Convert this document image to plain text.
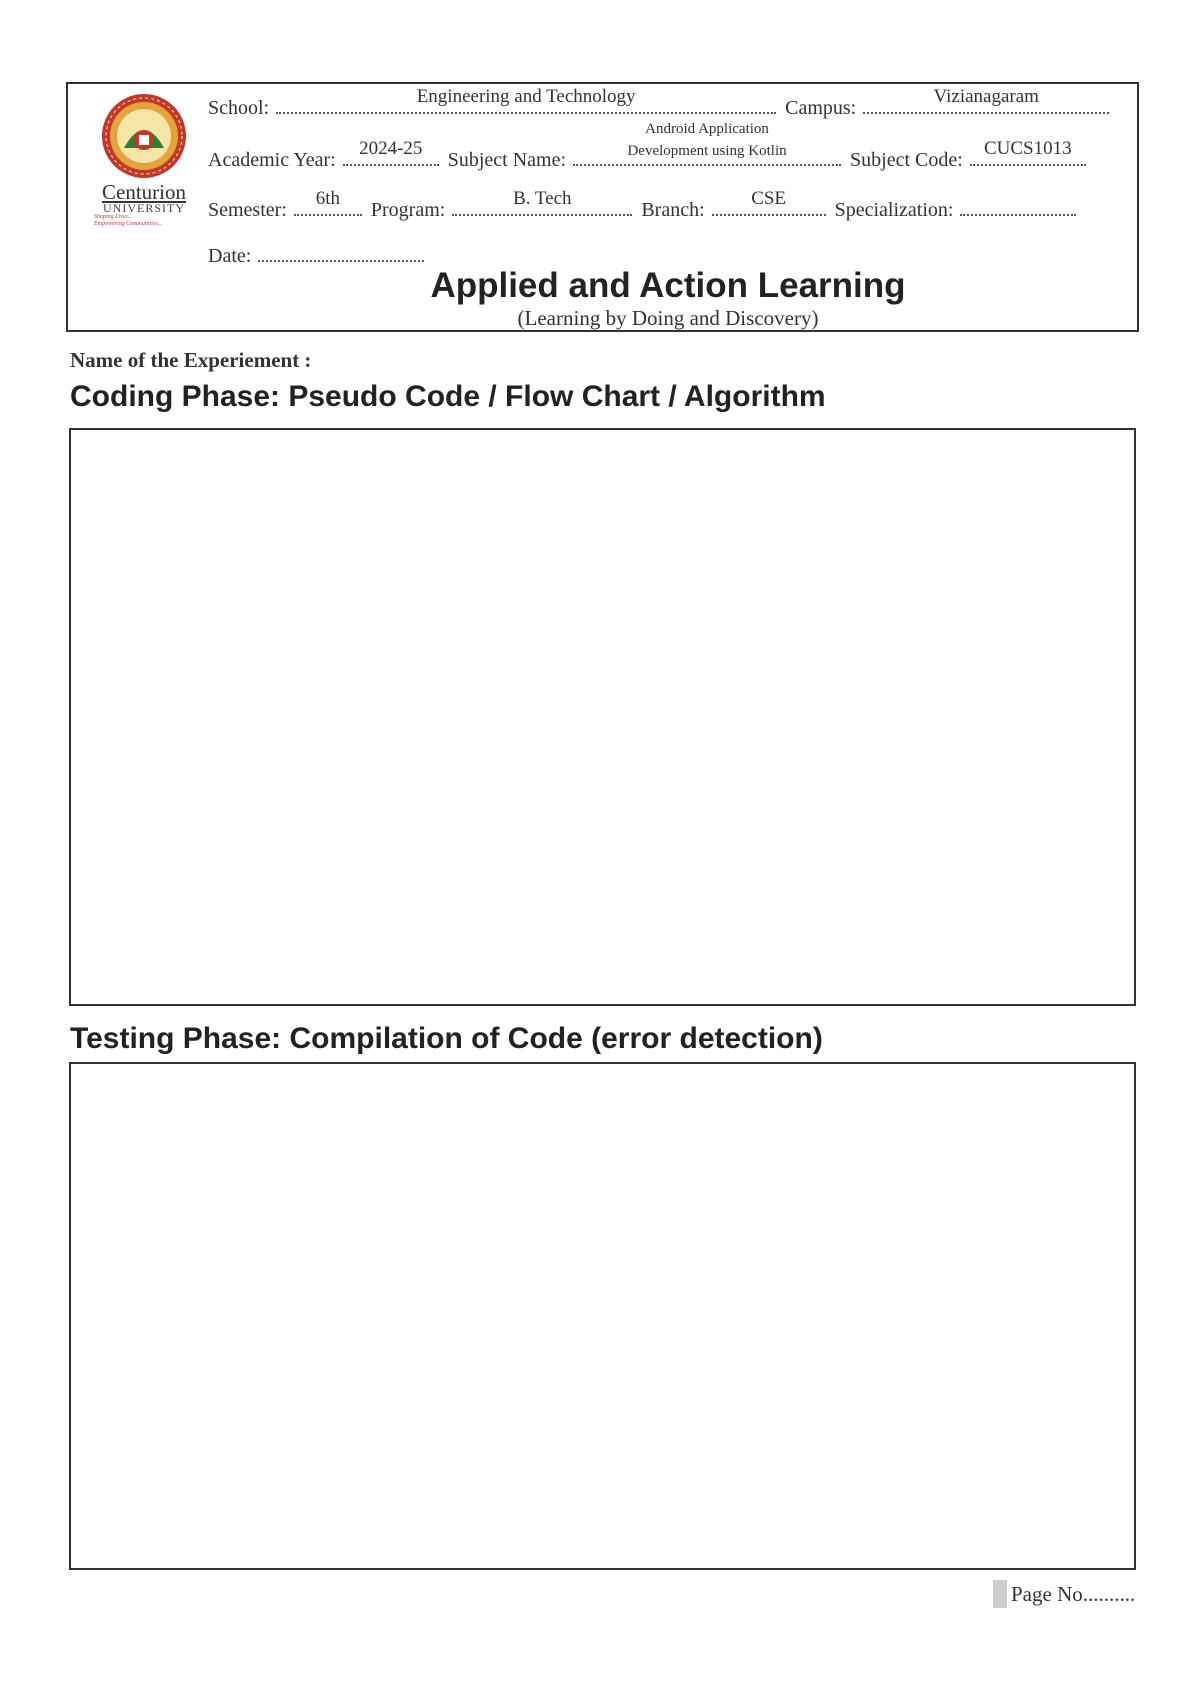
Centurion
UNIVERSITY
Shaping Lives...
Empowering Communities...
School:
Engineering and Technology
Campus:
Vizianagaram
Academic Year:
2024-25
Subject Name:
Android Application
Development using Kotlin	Subject Code:
CUCS1013
Semester:
6th
Program:
B. Tech
Branch:
CSE
Specialization:
Date:
Applied and Action Learning
(Learning by Doing and Discovery)
Name of the Experiement :
Coding Phase: Pseudo Code / Flow Chart / Algorithm
Testing Phase: Compilation of Code (error detection)
Page No..........
